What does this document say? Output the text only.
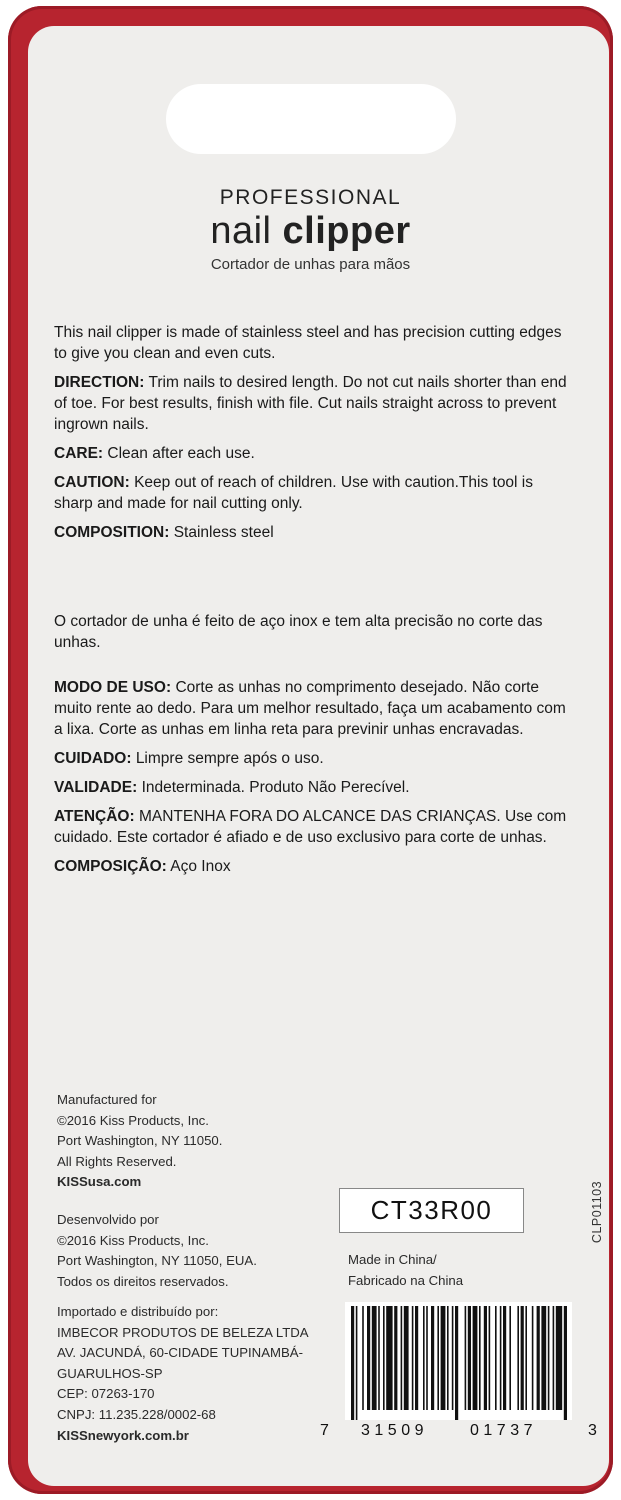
PROFESSIONAL
nail clipper
Cortador de unhas para mãos

This nail clipper is made of stainless steel and has precision cutting edges to give you clean and even cuts.

DIRECTION: Trim nails to desired length. Do not cut nails shorter than end of toe. For best results, finish with file. Cut nails straight across to prevent ingrown nails.

CARE: Clean after each use.

CAUTION: Keep out of reach of children. Use with caution.This tool is sharp and made for nail cutting only.

COMPOSITION: Stainless steel

O cortador de unha é feito de aço inox e tem alta precisão no corte das unhas.

MODO DE USO: Corte as unhas no comprimento desejado. Não corte muito rente ao dedo. Para um melhor resultado, faça um acabamento com a lixa. Corte as unhas em linha reta para previnir unhas encravadas.

CUIDADO: Limpre sempre após o uso.

VALIDADE: Indeterminada. Produto Não Perecível.

ATENÇÃO: MANTENHA FORA DO ALCANCE DAS CRIANÇAS. Use com cuidado. Este cortador é afiado e de uso exclusivo para corte de unhas.

COMPOSIÇÃO: Aço Inox

Manufactured for
©2016 Kiss Products, Inc.
Port Washington, NY 11050.
All Rights Reserved.
KISSusa.com
Desenvolvido por
©2016 Kiss Products, Inc.
Port Washington, NY 11050, EUA.
Todos os direitos reservados.
Importado e distribuído por:
IMBECOR PRODUTOS DE BELEZA LTDA
AV. JACUNDÁ, 60-CIDADE TUPINAMBÁ-
GUARULHOS-SP
CEP: 07263-170
CNPJ: 11.235.228/0002-68
KISSnewyork.com.br
CT33R00	CLP01103
Made in China/
Fabricado na China
7 31509	01737	3
